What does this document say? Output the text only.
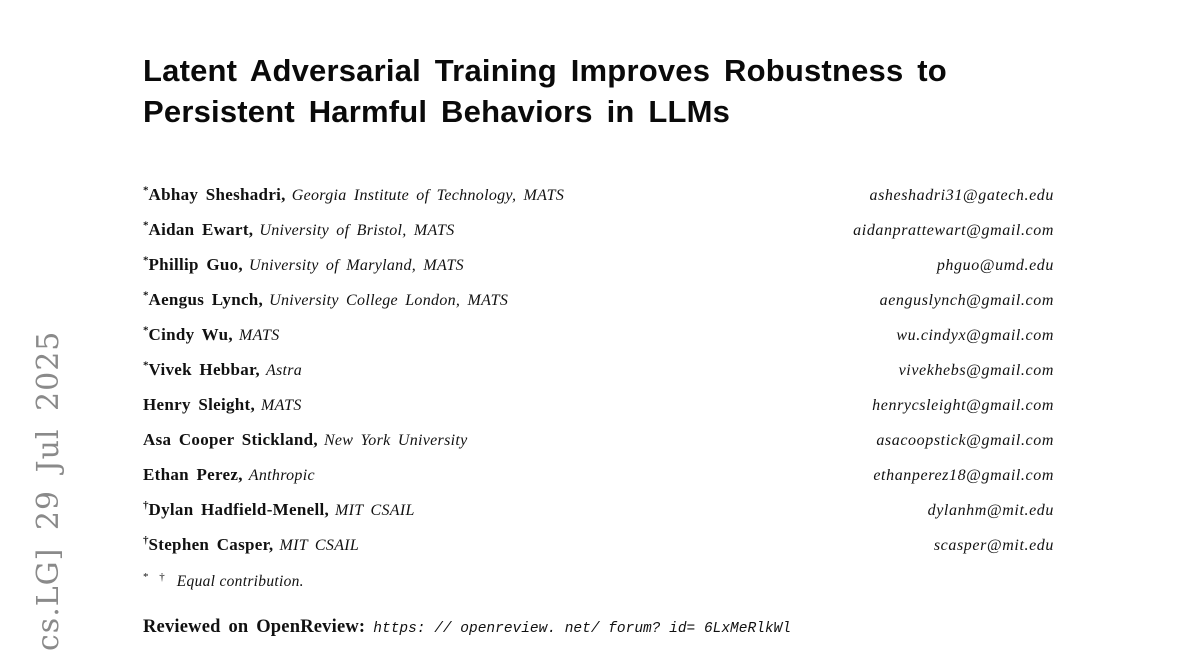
cs.LG] 29 Jul 2025
Latent Adversarial Training Improves Robustness to
Persistent Harmful Behaviors in LLMs
*Abhay Sheshadri, Georgia Institute of Technology, MATS	asheshadri31@gatech.edu
*Aidan Ewart, University of Bristol, MATS	aidanprattewart@gmail.com
*Phillip Guo, University of Maryland, MATS	phguo@umd.edu
*Aengus Lynch, University College London, MATS	aenguslynch@gmail.com
*Cindy Wu, MATS	wu.cindyx@gmail.com
*Vivek Hebbar, Astra	vivekhebs@gmail.com
Henry Sleight, MATS	henrycsleight@gmail.com
Asa Cooper Stickland, New York University	asacoopstick@gmail.com
Ethan Perez, Anthropic	ethanperez18@gmail.com
†Dylan Hadfield-Menell, MIT CSAIL	dylanhm@mit.edu
†Stephen Casper, MIT CSAIL	scasper@mit.edu
* † Equal contribution.
Reviewed on OpenReview: https: // openreview. net/ forum? id= 6LxMeRlkWl
